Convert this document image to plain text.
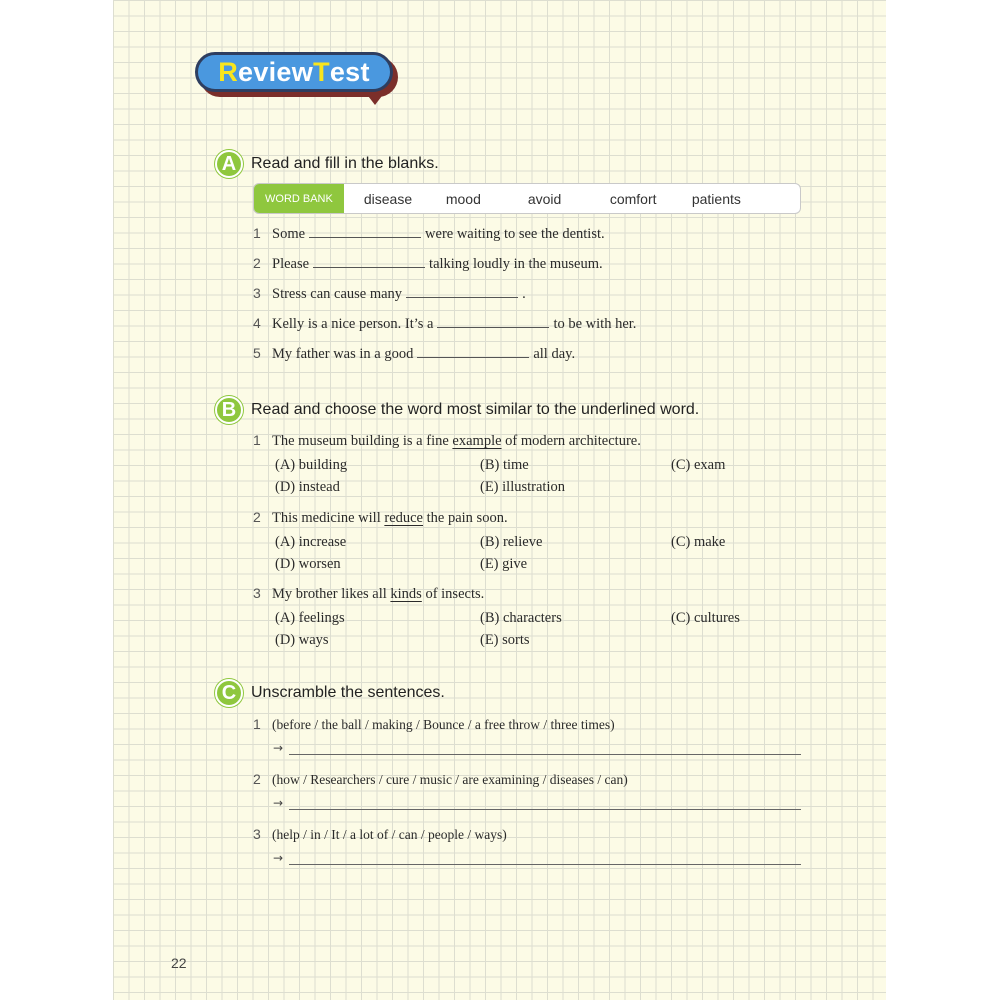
R eview T est
A Read and fill in the blanks.
WORD BANK	disease	mood	avoid	comfort	patients
1 Some	were waiting to see the dentist.
2 Please	talking loudly in the museum.
3 Stress can cause many	.
4 Kelly is a nice person. It’s a	to be with her.
5 My father was in a good	all day.
B Read and choose the word most similar to the underlined word.
1 The museum building is a fine example of modern architecture.
(A) building	(B) time	(C) exam
(D) instead	(E) illustration
2 This medicine will reduce the pain soon.
(A) increase	(B) relieve	(C) make
(D) worsen	(E) give
3 My brother likes all kinds of insects.
(A) feelings	(B) characters	(C) cultures
(D) ways	(E) sorts
C Unscramble the sentences.
1 (before / the ball / making / Bounce / a free throw / three times)
→
2 (how / Researchers / cure / music / are examining / diseases / can)
→
3 (help / in / It / a lot of / can / people / ways)
→
22
